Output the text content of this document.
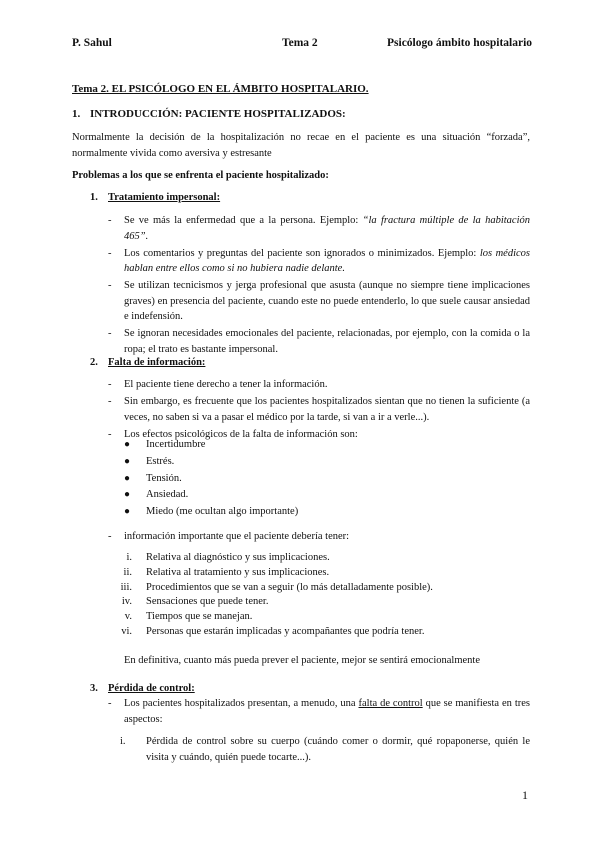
P. Sahul	Tema 2	Psicólogo ámbito hospitalario
Tema 2. EL PSICÓLOGO EN EL ÁMBITO HOSPITALARIO.
1. INTRODUCCIÓN: PACIENTE HOSPITALIZADOS:
Normalmente la decisión de la hospitalización no recae en el paciente es una situación “forzada”, normalmente vivida como aversiva y estresante
Problemas a los que se enfrenta el paciente hospitalizado:
1. Tratamiento impersonal:
- Se ve más la enfermedad que a la persona. Ejemplo: “la fractura múltiple de la habitación 465”.
- Los comentarios y preguntas del paciente son ignorados o minimizados. Ejemplo: los médicos hablan entre ellos como si no hubiera nadie delante.
- Se utilizan tecnicismos y jerga profesional que asusta (aunque no siempre tiene implicaciones graves) en presencia del paciente, cuando este no puede entenderlo, lo que suele causar ansiedad e indefensión.
- Se ignoran necesidades emocionales del paciente, relacionadas, por ejemplo, con la comida o la ropa; el trato es bastante impersonal.
2. Falta de información:
- El paciente tiene derecho a tener la información.
- Sin embargo, es frecuente que los pacientes hospitalizados sientan que no tienen la suficiente (a veces, no saben si va a pasar el médico por la tarde, si van a ir a verle...).
- Los efectos psicológicos de la falta de información son:
● Incertidumbre
● Estrés.
● Tensión.
● Ansiedad.
● Miedo (me ocultan algo importante)
- información importante que el paciente debería tener:
i. Relativa al diagnóstico y sus implicaciones.
ii. Relativa al tratamiento y sus implicaciones.
iii. Procedimientos que se van a seguir (lo más detalladamente posible).
iv. Sensaciones que puede tener.
v. Tiempos que se manejan.
vi. Personas que estarán implicadas y acompañantes que podría tener.
En definitiva, cuanto más pueda prever el paciente, mejor se sentirá emocionalmente
3. Pérdida de control:
- Los pacientes hospitalizados presentan, a menudo, una falta de control que se manifiesta en tres aspectos:
i. Pérdida de control sobre su cuerpo (cuándo comer o dormir, qué ropaponerse, quién le visita y cuándo, quién puede tocarte...).
1
